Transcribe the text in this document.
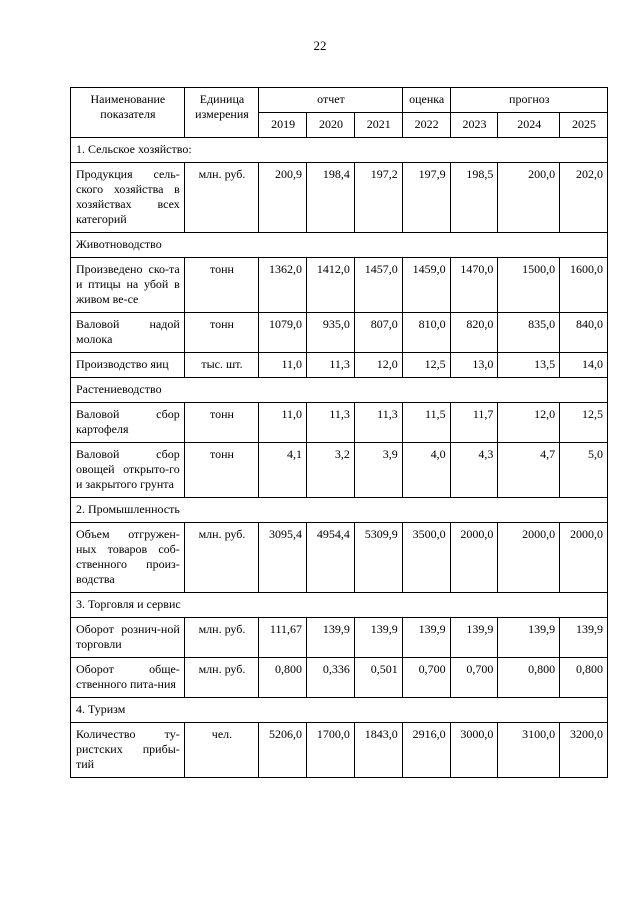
22
Наименование показателя	Единица измерения	отчет			оценка	прогноз		
		2019	2020	2021	2022	2023	2024	2025
1. Сельское хозяйство:								
Продукция сель-ского хозяйства в хозяйствах всех категорий	млн. руб.	200,9	198,4	197,2	197,9	198,5	200,0	202,0
Животноводство								
Произведено ско-та и птицы на убой в живом ве-се	тонн	1362,0	1412,0	1457,0	1459,0	1470,0	1500,0	1600,0
Валовой надой молока	тонн	1079,0	935,0	807,0	810,0	820,0	835,0	840,0
Производство яиц	тыс. шт.	11,0	11,3	12,0	12,5	13,0	13,5	14,0
Растениеводство								
Валовой сбор картофеля	тонн	11,0	11,3	11,3	11,5	11,7	12,0	12,5
Валовой сбор овощей открыто-го и закрытого грунта	тонн	4,1	3,2	3,9	4,0	4,3	4,7	5,0
2. Промышленность								
Объем отгружен-ных товаров соб-ственного произ-водства	млн. руб.	3095,4	4954,4	5309,9	3500,0	2000,0	2000,0	2000,0
3. Торговля и сервис								
Оборот рознич-ной торговли	млн. руб.	111,67	139,9	139,9	139,9	139,9	139,9	139,9
Оборот обще-ственного пита-ния	млн. руб.	0,800	0,336	0,501	0,700	0,700	0,800	0,800
4. Туризм								
Количество ту-ристских прибы-тий	чел.	5206,0	1700,0	1843,0	2916,0	3000,0	3100,0	3200,0
